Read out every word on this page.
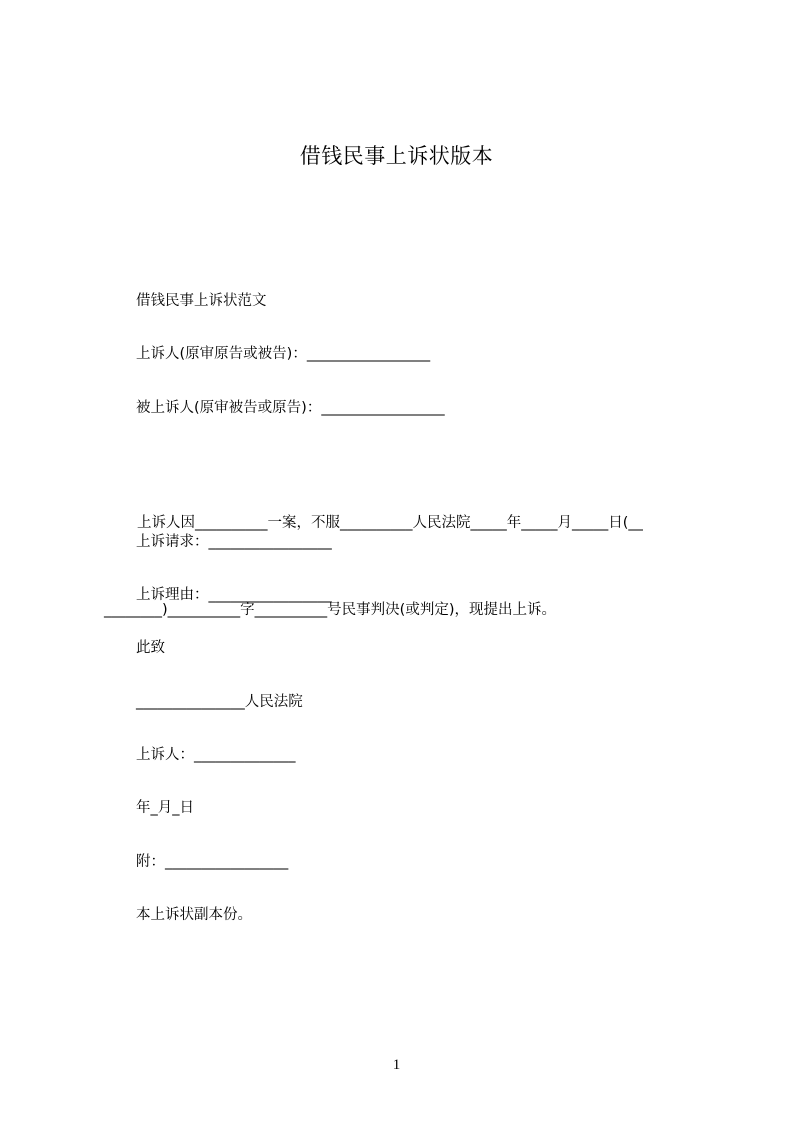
借钱民事上诉状版本
借钱民事上诉状范文
上诉人(原审原告或被告)：_________________
被上诉人(原审被告或原告)：_________________

上诉人因__________一案，不服__________人民法院_____年_____月_____日(__

________)__________字__________号民事判决(或判定)，现提出上诉。

上诉请求：_________________
上诉理由：_________________
此致
_______________人民法院
上诉人：______________
年_月_日
附：_________________
本上诉状副本份。
1
